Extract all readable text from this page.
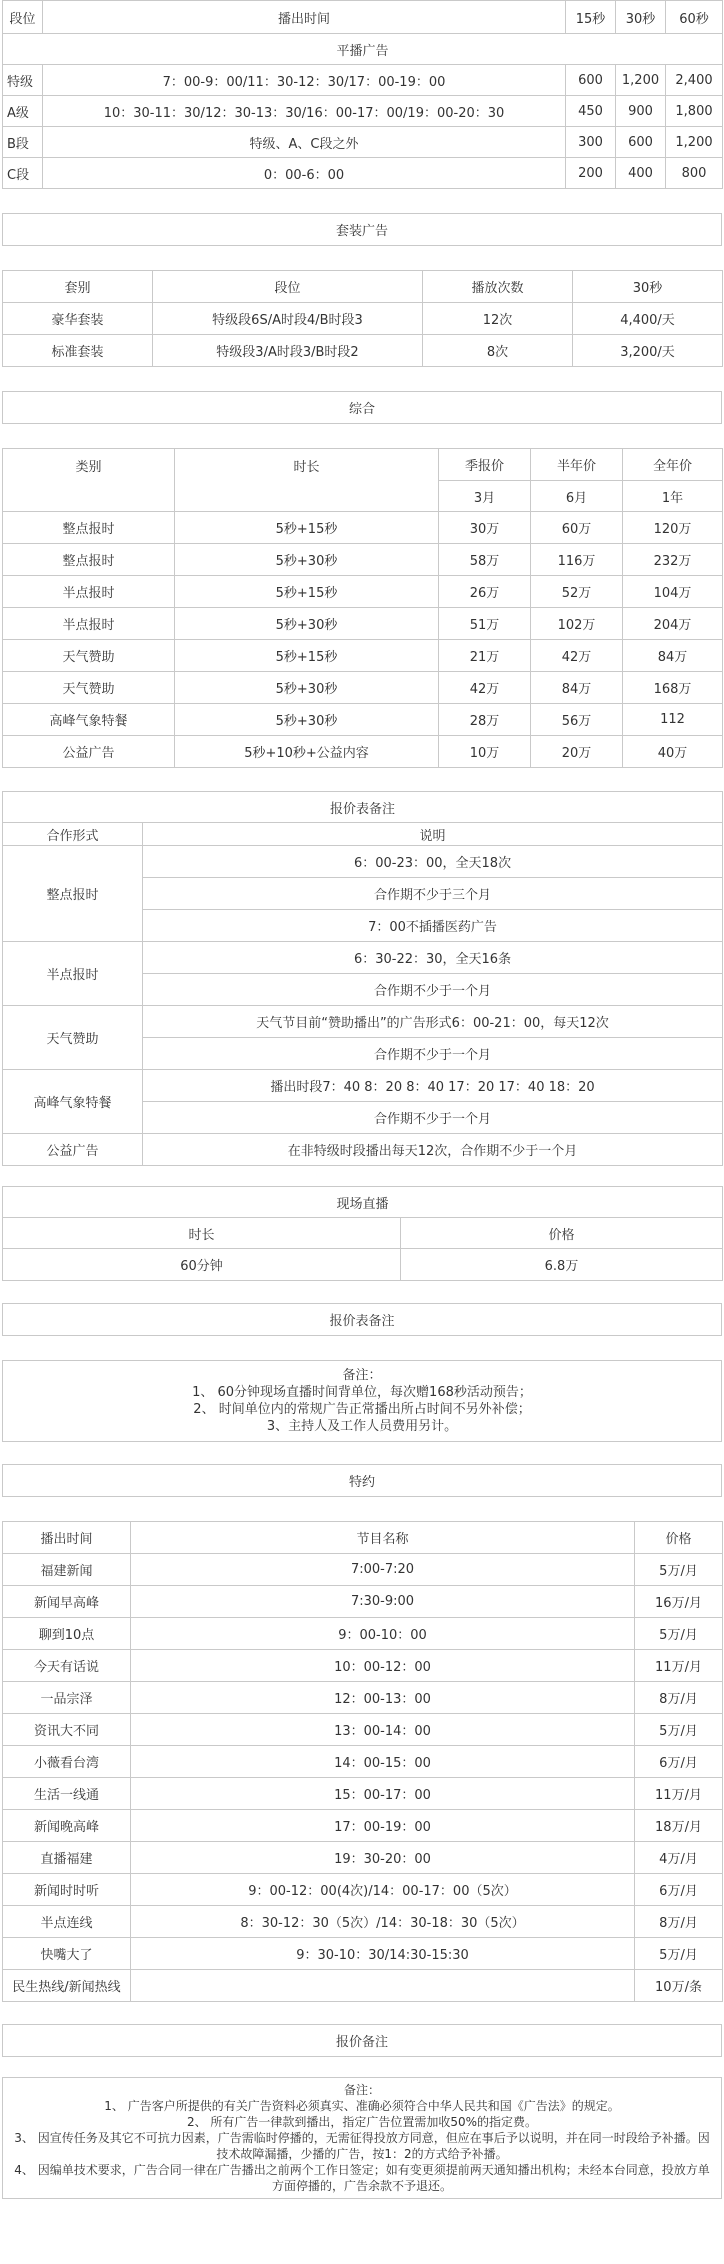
段位	播出时间	15秒	30秒	60秒
平播广告				
特级	7：00-9：00/11：30-12：30/17：00-19：00	600	1,200	2,400
A级	10：30-11：30/12：30-13：30/16：00-17：00/19：00-20：30	450	900	1,800
B段	特级、A、C段之外	300	600	1,200
C段	0：00-6：00	200	400	800
套装广告
套别	段位	播放次数	30秒
豪华套装	特级段6S/A时段4/B时段3	12次	4,400/天
标准套装	特级段3/A时段3/B时段2	8次	3,200/天
综合
类别	时长	季报价	半年价	全年价
		3月	6月	1年
整点报时	5秒+15秒	30万	60万	120万
整点报时	5秒+30秒	58万	116万	232万
半点报时	5秒+15秒	26万	52万	104万
半点报时	5秒+30秒	51万	102万	204万
天气赞助	5秒+15秒	21万	42万	84万
天气赞助	5秒+30秒	42万	84万	168万
高峰气象特餐	5秒+30秒	28万	56万	112
公益广告	5秒+10秒+公益内容	10万	20万	40万
报价表备注	
合作形式	说明
整点报时	6：00-23：00，全天18次
	合作期不少于三个月
	7：00不插播医药广告
半点报时	6：30-22：30，全天16条
	合作期不少于一个月
天气赞助	天气节目前“赞助播出”的广告形式6：00-21：00，每天12次
	合作期不少于一个月
高峰气象特餐	播出时段7：40 8：20 8：40 17：20 17：40 18：20
	合作期不少于一个月
公益广告	在非特级时段播出每天12次，合作期不少于一个月
现场直播	
时长	价格
60分钟	6.8万
报价表备注
备注：
1、 60分钟现场直播时间背单位，每次赠168秒活动预告；
2、 时间单位内的常规广告正常播出所占时间不另外补偿；
3、主持人及工作人员费用另计。
特约
播出时间	节目名称	价格
福建新闻	7:00-7:20	5万/月
新闻早高峰	7:30-9:00	16万/月
聊到10点	9：00-10：00	5万/月
今天有话说	10：00-12：00	11万/月
一品宗泽	12：00-13：00	8万/月
资讯大不同	13：00-14：00	5万/月
小薇看台湾	14：00-15：00	6万/月
生活一线通	15：00-17：00	11万/月
新闻晚高峰	17：00-19：00	18万/月
直播福建	19：30-20：00	4万/月
新闻时时听	9：00-12：00(4次)/14：00-17：00（5次）	6万/月
半点连线	8：30-12：30（5次）/14：30-18：30（5次）	8万/月
快嘴大了	9：30-10：30/14:30-15:30	5万/月
民生热线/新闻热线		10万/条
报价备注
备注：
1、 广告客户所提供的有关广告资料必须真实、准确必须符合中华人民共和国《广告法》的规定。
2、 所有广告一律款到播出，指定广告位置需加收50%的指定费。
3、 因宣传任务及其它不可抗力因素，广告需临时停播的，无需征得投放方同意，但应在事后予以说明，并在同一时段给予补播。因技术故障漏播，少播的广告，按1：2的方式给予补播。
4、 因编单技术要求，广告合同一律在广告播出之前两个工作日签定；如有变更须提前两天通知播出机构；未经本台同意，投放方单方面停播的，广告余款不予退还。
